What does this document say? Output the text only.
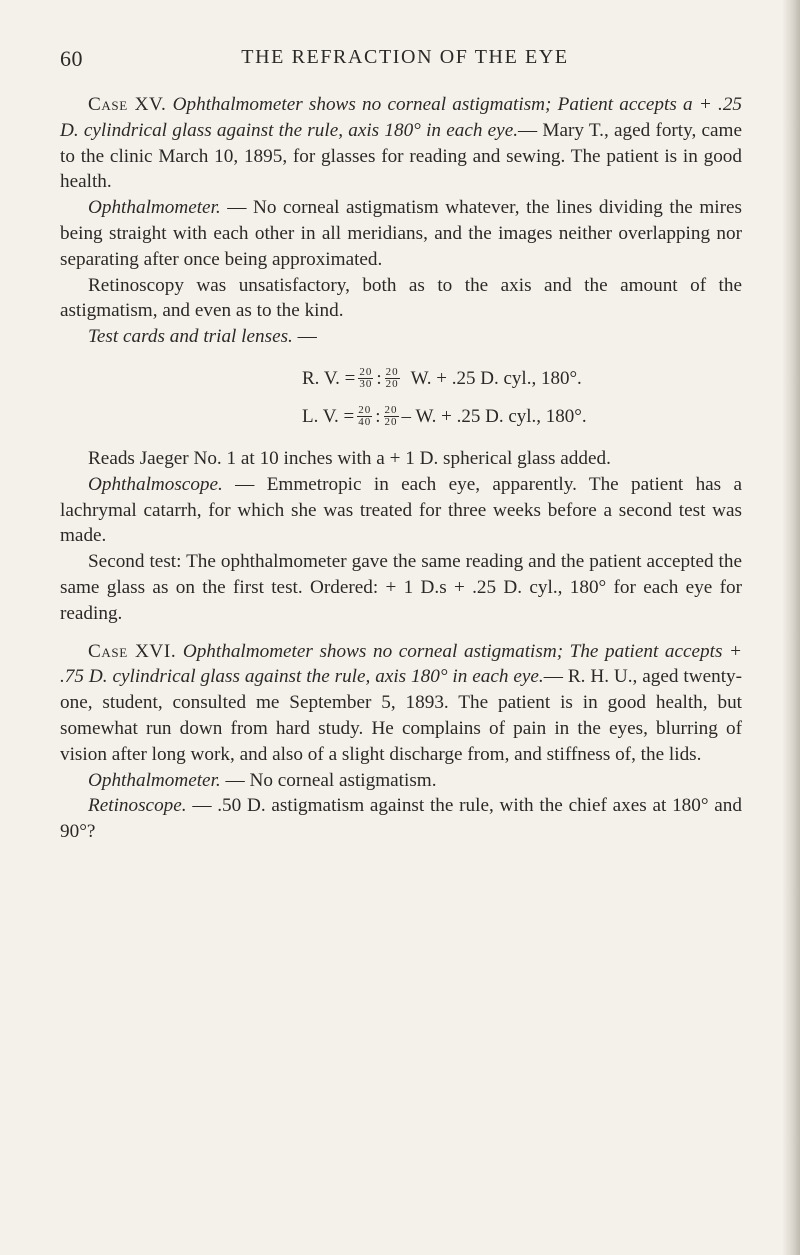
60	THE REFRACTION OF THE EYE

Case XV. Ophthalmometer shows no corneal astigmatism; Patient accepts a + .25 D. cylindrical glass against the rule, axis 180° in each eye.— Mary T., aged forty, came to the clinic March 10, 1895, for glasses for reading and sewing. The patient is in good health.

Ophthalmometer. — No corneal astigmatism whatever, the lines dividing the mires being straight with each other in all meridians, and the images neither overlapping nor separating after once being approximated.

Retinoscopy was unsatisfactory, both as to the axis and the amount of the astigmatism, and even as to the kind.

Test cards and trial lenses. —

R. V. = $\frac{20}{30}$ : $\frac{20}{20} W$. + .25 D. cyl., 180°.
L. V. = $\frac{20}{40}$ : $\frac{20}{20}$ – W. + .25 D. cyl., 180°.

Reads Jaeger No. 1 at 10 inches with a + 1 D. spherical glass added.

Ophthalmoscope. — Emmetropic in each eye, apparently. The patient has a lachrymal catarrh, for which she was treated for three weeks before a second test was made.

Second test: The ophthalmometer gave the same reading and the patient accepted the same glass as on the first test. Ordered: + 1 D.s + .25 D. cyl., 180° for each eye for reading.

Case XVI. Ophthalmometer shows no corneal astigmatism; The patient accepts + .75 D. cylindrical glass against the rule, axis 180° in each eye.— R. H. U., aged twenty-one, student, consulted me September 5, 1893. The patient is in good health, but somewhat run down from hard study. He complains of pain in the eyes, blurring of vision after long work, and also of a slight discharge from, and stiffness of, the lids.

Ophthalmometer. — No corneal astigmatism.

Retinoscope. — .50 D. astigmatism against the rule, with the chief axes at 180° and 90°?
